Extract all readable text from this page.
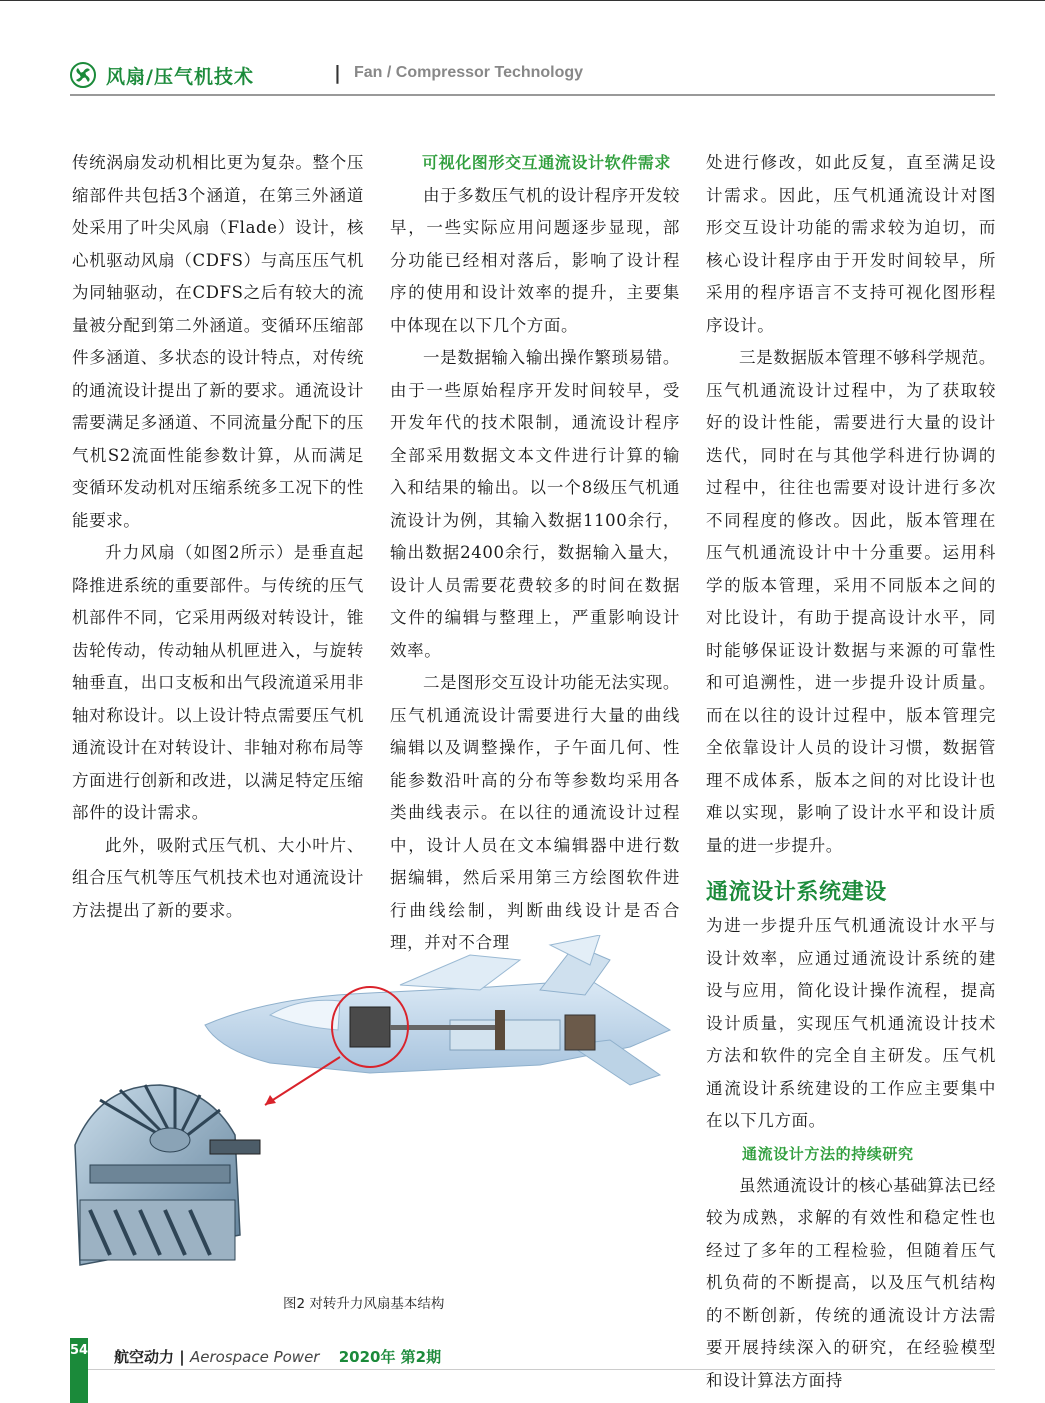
风扇/压气机技术	| Fan / Compressor Technology

传统涡扇发动机相比更为复杂。整个压缩部件共包括3个涵道，在第三外涵道处采用了叶尖风扇（Flade）设计，核心机驱动风扇（CDFS）与高压压气机为同轴驱动，在CDFS之后有较大的流量被分配到第二外涵道。变循环压缩部件多涵道、多状态的设计特点，对传统的通流设计提出了新的要求。通流设计需要满足多涵道、不同流量分配下的压气机S2流面性能参数计算，从而满足变循环发动机对压缩系统多工况下的性能要求。

升力风扇（如图2所示）是垂直起降推进系统的重要部件。与传统的压气机部件不同，它采用两级对转设计，锥齿轮传动，传动轴从机匣进入，与旋转轴垂直，出口支板和出气段流道采用非轴对称设计。以上设计特点需要压气机通流设计在对转设计、非轴对称布局等方面进行创新和改进，以满足特定压缩部件的设计需求。

此外，吸附式压气机、大小叶片、组合压气机等压气机技术也对通流设计方法提出了新的要求。

可视化图形交互通流设计软件需求

由于多数压气机的设计程序开发较早，一些实际应用问题逐步显现，部分功能已经相对落后，影响了设计程序的使用和设计效率的提升，主要集中体现在以下几个方面。

一是数据输入输出操作繁琐易错。由于一些原始程序开发时间较早，受开发年代的技术限制，通流设计程序全部采用数据文本文件进行计算的输入和结果的输出。以一个8级压气机通流设计为例，其输入数据1100余行，输出数据2400余行，数据输入量大，设计人员需要花费较多的时间在数据文件的编辑与整理上，严重影响设计效率。

二是图形交互设计功能无法实现。压气机通流设计需要进行大量的曲线编辑以及调整操作，子午面几何、性能参数沿叶高的分布等参数均采用各类曲线表示。在以往的通流设计过程中，设计人员在文本编辑器中进行数据编辑，然后采用第三方绘图软件进行曲线绘制，判断曲线设计是否合理，并对不合理

处进行修改，如此反复，直至满足设计需求。因此，压气机通流设计对图形交互设计功能的需求较为迫切，而核心设计程序由于开发时间较早，所采用的程序语言不支持可视化图形程序设计。

三是数据版本管理不够科学规范。压气机通流设计过程中，为了获取较好的设计性能，需要进行大量的设计迭代，同时在与其他学科进行协调的过程中，往往也需要对设计进行多次不同程度的修改。因此，版本管理在压气机通流设计中十分重要。运用科学的版本管理，采用不同版本之间的对比设计，有助于提高设计水平，同时能够保证设计数据与来源的可靠性和可追溯性，进一步提升设计质量。而在以往的设计过程中，版本管理完全依靠设计人员的设计习惯，数据管理不成体系，版本之间的对比设计也难以实现，影响了设计水平和设计质量的进一步提升。

通流设计系统建设

为进一步提升压气机通流设计水平与设计效率，应通过通流设计系统的建设与应用，简化设计操作流程，提高设计质量，实现压气机通流设计技术方法和软件的完全自主研发。压气机通流设计系统建设的工作应主要集中在以下几方面。

通流设计方法的持续研究

虽然通流设计的核心基础算法已经较为成熟，求解的有效性和稳定性也经过了多年的工程检验，但随着压气机负荷的不断提高，以及压气机结构的不断创新，传统的通流设计方法需要开展持续深入的研究，在经验模型和设计算法方面持

图2 对转升力风扇基本结构
54 航空动力 | Aerospace Power 2020年 第2期
